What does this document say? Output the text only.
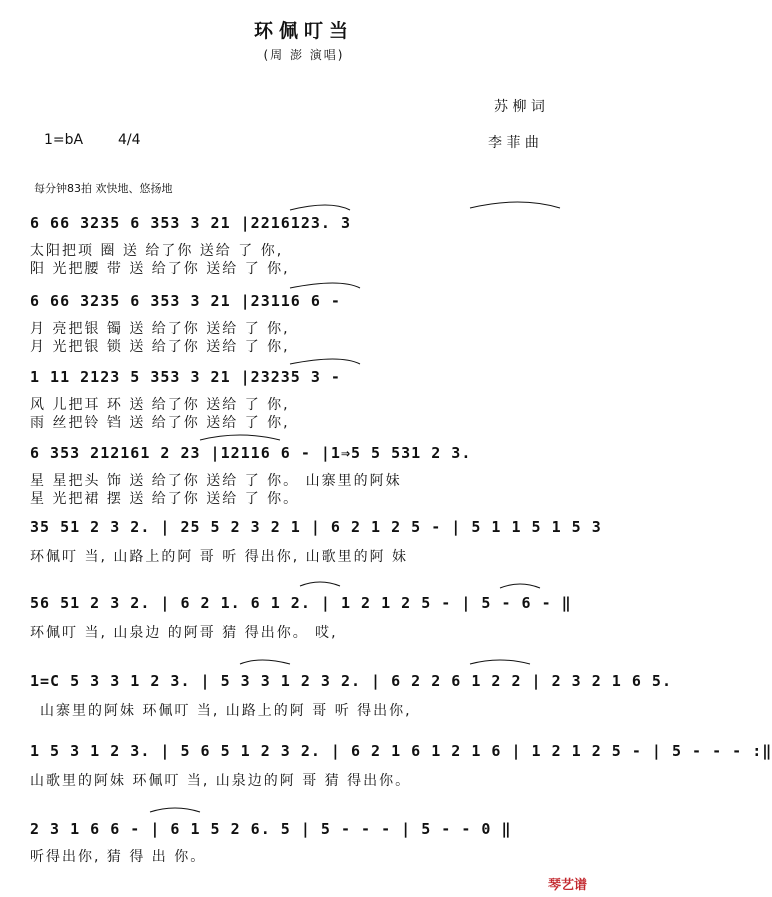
环佩叮当
(周 澎 演唱)
苏 柳 词
1=bA 4/4	李 菲 曲
每分钟83拍 欢快地、悠扬地
6 66 3235 6 353 3 21 |2216123. 3
太阳把项 圈 送 给了你 送给 了 你,
阳 光把腰 带 送 给了你 送给 了 你,
6 66 3235 6 353 3 21 |23116 6 -
月 亮把银 镯 送 给了你 送给 了 你,
月 光把银 锁 送 给了你 送给 了 你,
1 11 2123 5 353 3 21 |23235 3 -
风 儿把耳 环 送 给了你 送给 了 你,
雨 丝把铃 铛 送 给了你 送给 了 你,
6 353 212161 2 23 |12116 6 - |1⇒5 5 531 2 3.
星 星把头 饰 送 给了你 送给 了 你。 山寨里的阿妹
星 光把裙 摆 送 给了你 送给 了 你。
35 51 2 3 2. | 25 5 2 3 2 1 | 6 2 1 2 5 - | 5 1 1 5 1 5 3
环佩叮 当, 山路上的阿 哥 听 得出你, 山歌里的阿 妹
56 51 2 3 2. | 6 2 1. 6 1 2. | 1 2 1 2 5 - | 5 - 6 - ‖
环佩叮 当, 山泉边 的阿哥 猜 得出你。 哎,
1=C 5 3 3 1 2 3. | 5 3 3 1 2 3 2. | 6 2 2 6 1 2 2 | 2 3 2 1 6 5.
山寨里的阿妹 环佩叮 当, 山路上的阿 哥 听 得出你,
1 5 3 1 2 3. | 5 6 5 1 2 3 2. | 6 2 1 6 1 2 1 6 | 1 2 1 2 5 - | 5 - - - :‖
山歌里的阿妹 环佩叮 当, 山泉边的阿 哥 猜 得出你。
2 3 1 6 6 - | 6 1 5 2 6. 5 | 5 - - - | 5 - - 0 ‖
听得出你, 猜 得 出 你。
琴艺谱
